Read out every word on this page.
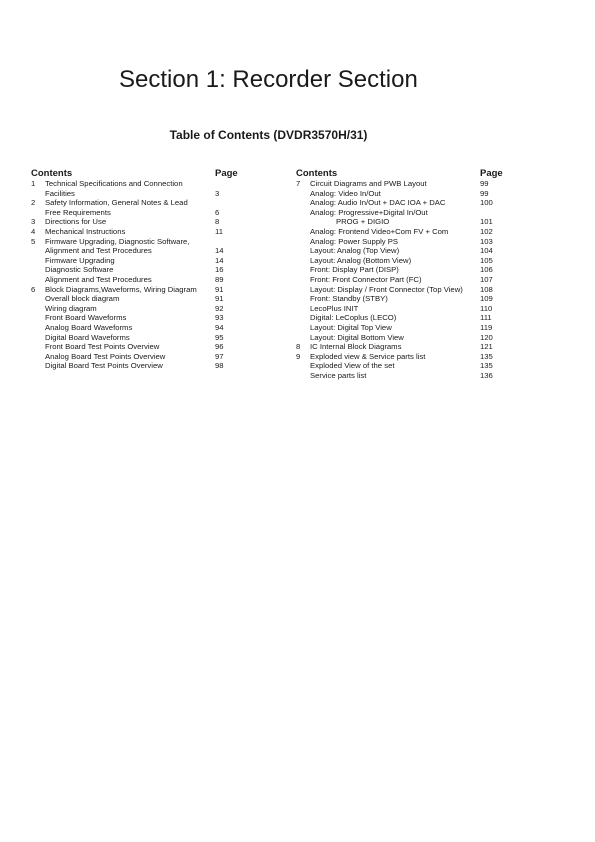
Section 1: Recorder Section
Table of Contents (DVDR3570H/31)
Contents	Page
1 Technical Specifications and Connection
Facilities	3
2 Safety Information, General Notes & Lead
Free Requirements	6
3 Directions for Use	8
4 Mechanical Instructions	11
5 Firmware Upgrading, Diagnostic Software,
Alignment and Test Procedures	14
Firmware Upgrading	14
Diagnostic Software	16
Alignment and Test Procedures	89
6 Block Diagrams,Waveforms, Wiring Diagram 91
Overall block diagram	91
Wiring diagram	92
Front Board Waveforms	93
Analog Board Waveforms	94
Digital Board Waveforms	95
Front Board Test Points Overview	96
Analog Board Test Points Overview	97
Digital Board Test Points Overview	98
Contents	Page
7 Circuit Diagrams and PWB Layout	99
Analog: Video In/Out	99
Analog: Audio In/Out + DAC IOA + DAC	100
Analog: Progressive+Digital In/Out
PROG + DIGIO	101
Analog: Frontend Video+Com FV + Com	102
Analog: Power Supply PS	103
Layout: Analog (Top View)	104
Layout: Analog (Bottom View)	105
Front: Display Part (DISP)	106
Front: Front Connector Part (FC)	107
Layout: Display / Front Connector (Top View) 108
Front: Standby (STBY)	109
LecoPlus INIT	110
Digital: LeCoplus (LECO)	111
Layout: Digital Top View	119
Layout: Digital Bottom View	120
8 IC Internal Block Diagrams	121
9 Exploded view & Service parts list	135
Exploded View of the set	135
Service parts list	136
